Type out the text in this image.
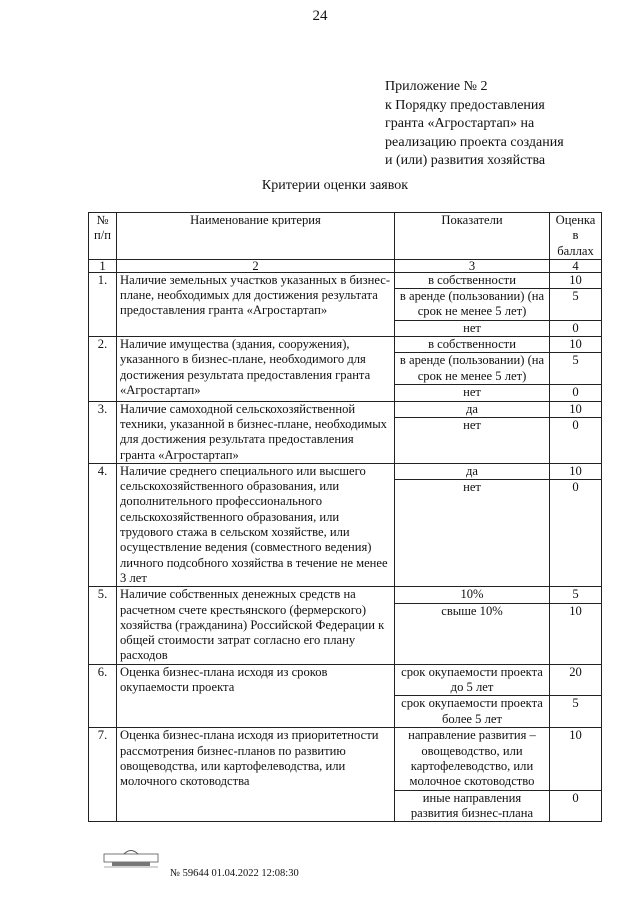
24
Приложение № 2
к Порядку предоставления
гранта «Агростартап» на
реализацию проекта создания
и (или) развития хозяйства
Критерии оценки заявок
№ п/п	Наименование критерия	Показатели	Оценка в баллах
1	2	3	4
1.	Наличие земельных участков указанных в бизнес-плане, необходимых для достижения результата предоставления гранта «Агростартап»	в собственности	10
		в аренде (пользовании) (на срок не менее 5 лет)	5
		нет	0
2.	Наличие имущества (здания, сооружения), указанного в бизнес-плане, необходимого для достижения результата предоставления гранта «Агростартап»	в собственности	10
		в аренде (пользовании) (на срок не менее 5 лет)	5
		нет	0
3.	Наличие самоходной сельскохозяйственной техники, указанной в бизнес-плане, необходимых для достижения результата предоставления гранта «Агростартап»	да	10
		нет	0
4.	Наличие среднего специального или высшего сельскохозяйственного образования, или дополнительного профессионального сельскохозяйственного образования, или трудового стажа в сельском хозяйстве, или осуществление ведения (совместного ведения) личного подсобного хозяйства в течение не менее 3 лет	да	10
		нет	0
5.	Наличие собственных денежных средств на расчетном счете крестьянского (фермерского) хозяйства (гражданина) Российской Федерации к общей стоимости затрат согласно его плану расходов	10%	5
		свыше 10%	10
6.	Оценка бизнес-плана исходя из сроков окупаемости проекта	срок окупаемости проекта до 5 лет	20
		срок окупаемости проекта более 5 лет	5
7.	Оценка бизнес-плана исходя из приоритетности рассмотрения бизнес-планов по развитию овощеводства, или картофелеводства, или молочного скотоводства	направление развития – овощеводство, или картофелеводство, или молочное скотоводство	10
		иные направления развития бизнес-плана	0
№ 59644 01.04.2022 12:08:30
